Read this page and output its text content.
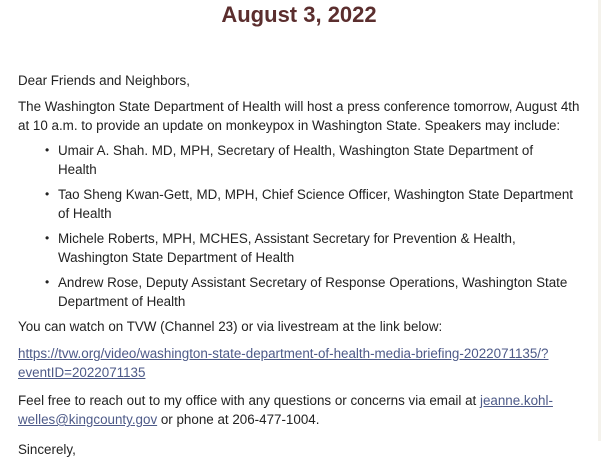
August 3, 2022

Dear Friends and Neighbors,

The Washington State Department of Health will host a press conference tomorrow, August 4th at 10 a.m. to provide an update on monkeypox in Washington State. Speakers may include:

• Umair A. Shah. MD, MPH, Secretary of Health, Washington State Department of Health
• Tao Sheng Kwan-Gett, MD, MPH, Chief Science Officer, Washington State Department of Health
• Michele Roberts, MPH, MCHES, Assistant Secretary for Prevention & Health, Washington State Department of Health
• Andrew Rose, Deputy Assistant Secretary of Response Operations, Washington State Department of Health

You can watch on TVW (Channel 23) or via livestream at the link below:

https://tvw.org/video/washington-state-department-of-health-media-briefing-2022071135/?eventID=2022071135

Feel free to reach out to my office with any questions or concerns via email at jeanne.kohl-welles@kingcounty.gov or phone at 206-477-1004.

Sincerely,
